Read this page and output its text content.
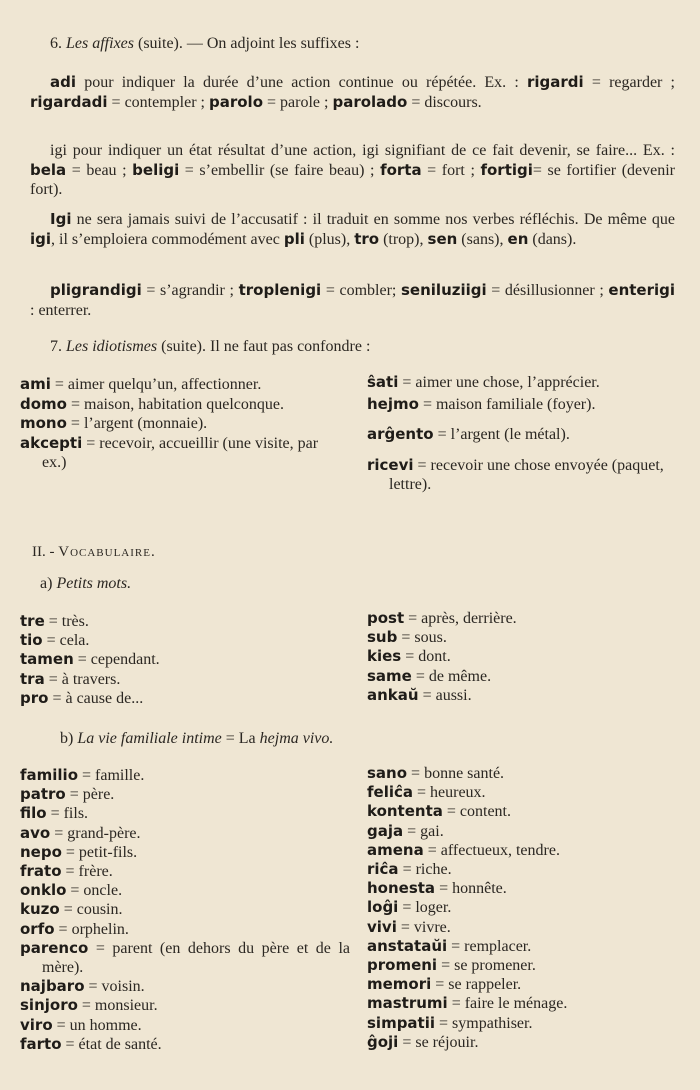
6. Les affixes (suite). — On adjoint les suffixes :

adi pour indiquer la durée d’une action continue ou répétée. Ex. : rigardi = regarder ; rigardadi = contempler ; parolo = parole ; parolado = discours.

igi pour indiquer un état résultat d’une action, igi signifiant de ce fait devenir, se faire... Ex. : bela = beau ; beligi = s’embellir (se faire beau) ; forta = fort ; fortigi= se fortifier (devenir fort).

Igi ne sera jamais suivi de l’accusatif : il traduit en somme nos verbes réfléchis. De même que igi, il s’emploiera commodément avec pli (plus), tro (trop), sen (sans), en (dans).

pligrandigi = s’agrandir ; troplenigi = combler; seniluziigi = désillusionner ; enterigi : enterrer.

7. Les idiotismes (suite). Il ne faut pas confondre :

ami = aimer quelqu’un, affectionner.
domo = maison, habitation quelconque.
mono = l’argent (monnaie).
akcepti = recevoir, accueillir (une visite, par ex.)
ŝati = aimer une chose, l’apprécier.
hejmo = maison familiale (foyer).
arĝento = l’argent (le métal).
ricevi = recevoir une chose envoyée (paquet, lettre).

II. - Vocabulaire.

a) Petits mots.

tre = très.
tio = cela.
tamen = cependant.
tra = à travers.
pro = à cause de...
post = après, derrière.
sub = sous.
kies = dont.
same = de même.
ankaŭ = aussi.

b) La vie familiale intime = La hejma vivo.

familio = famille.
patro = père.
filo = fils.
avo = grand-père.
nepo = petit-fils.
frato = frère.
onklo = oncle.
kuzo = cousin.
orfo = orphelin.
parenco = parent (en dehors du père et de la mère).
najbaro = voisin.
sinjoro = monsieur.
viro = un homme.
farto = état de santé.
sano = bonne santé.
feliĉa = heureux.
kontenta = content.
gaja = gai.
amena = affectueux, tendre.
riĉa = riche.
honesta = honnête.
loĝi = loger.
vivi = vivre.
anstataŭi = remplacer.
promeni = se promener.
memori = se rappeler.
mastrumi = faire le ménage.
simpatii = sympathiser.
ĝoji = se réjouir.
